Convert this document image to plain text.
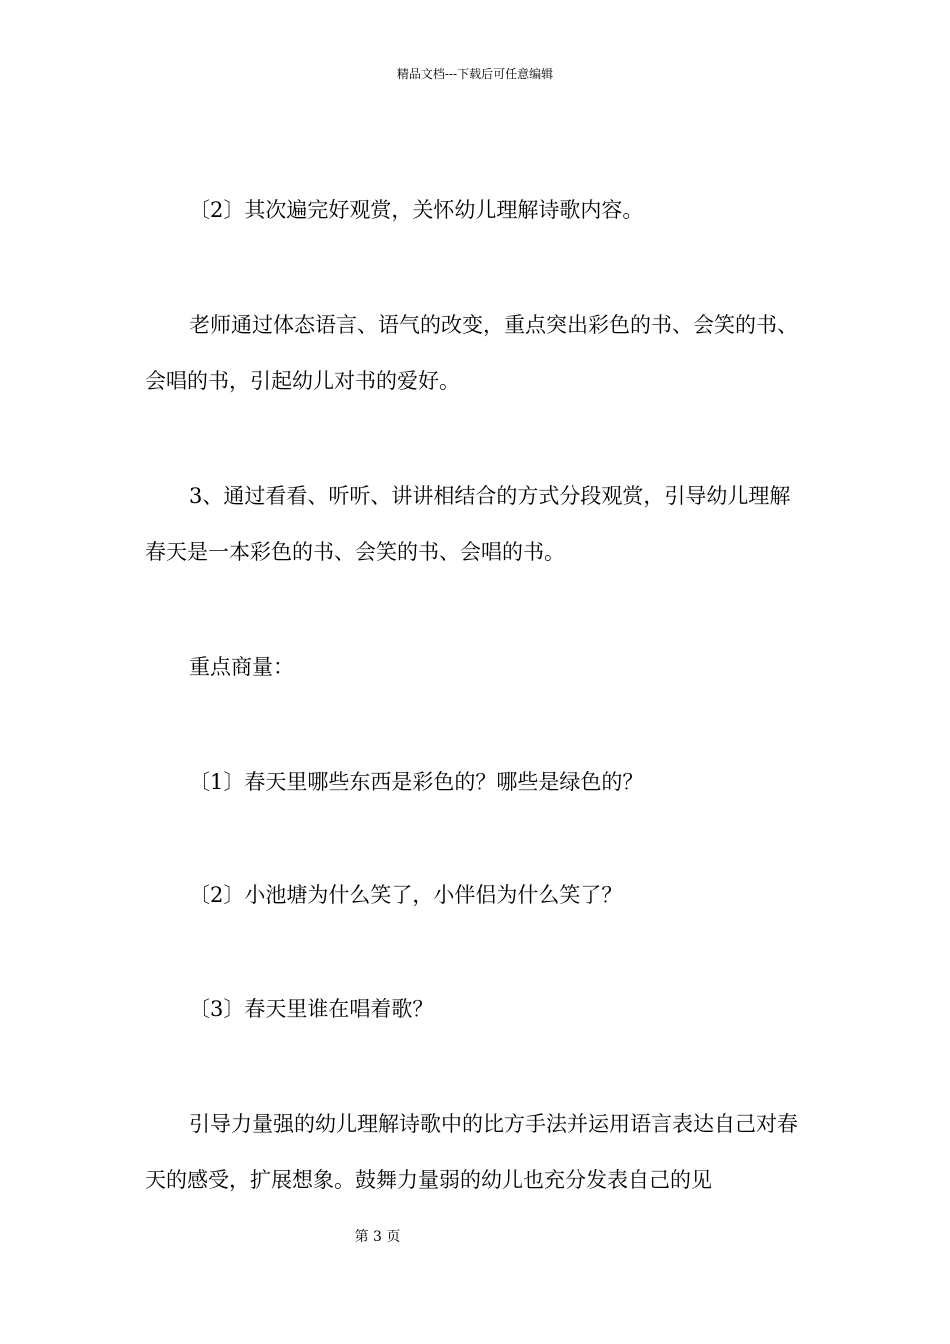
精品文档---下载后可任意编辑

〔2〕其次遍完好观赏，关怀幼儿理解诗歌内容。

老师通过体态语言、语气的改变，重点突出彩色的书、会笑的书、会唱的书，引起幼儿对书的爱好。

3、通过看看、听听、讲讲相结合的方式分段观赏，引导幼儿理解春天是一本彩色的书、会笑的书、会唱的书。

重点商量：

〔1〕春天里哪些东西是彩色的？哪些是绿色的？

〔2〕小池塘为什么笑了，小伴侣为什么笑了？

〔3〕春天里谁在唱着歌？

引导力量强的幼儿理解诗歌中的比方手法并运用语言表达自己对春天的感受，扩展想象。鼓舞力量弱的幼儿也充分发表自己的见

第 3 页
